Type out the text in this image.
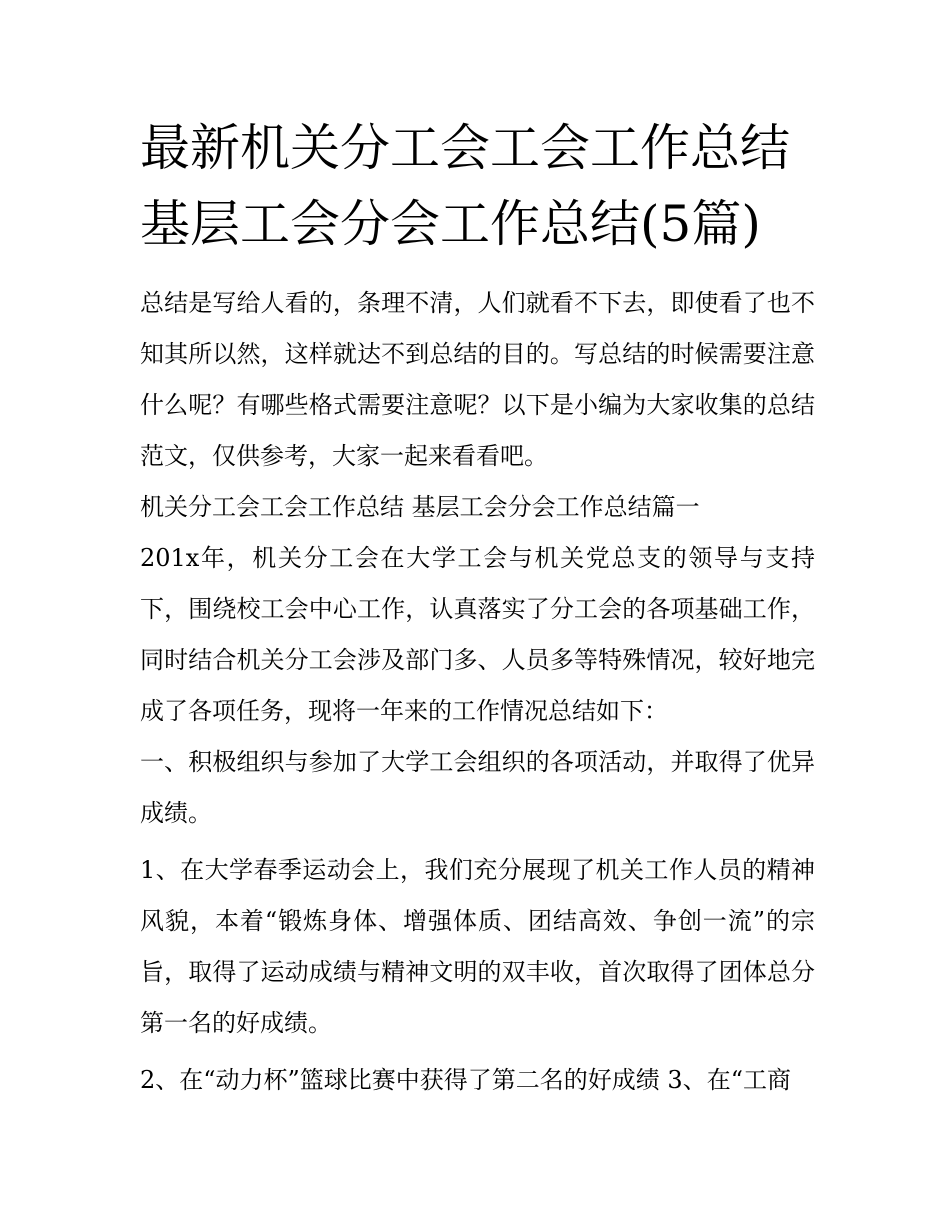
最新机关分工会工会工作总结
基层工会分会工作总结(5篇)

总结是写给人看的，条理不清，人们就看不下去，即使看了也不知其所以然，这样就达不到总结的目的。写总结的时候需要注意什么呢？有哪些格式需要注意呢？以下是小编为大家收集的总结范文，仅供参考，大家一起来看看吧。

机关分工会工会工作总结 基层工会分会工作总结篇一

201x年，机关分工会在大学工会与机关党总支的领导与支持下，围绕校工会中心工作，认真落实了分工会的各项基础工作，同时结合机关分工会涉及部门多、人员多等特殊情况，较好地完成了各项任务，现将一年来的工作情况总结如下：

一、积极组织与参加了大学工会组织的各项活动，并取得了优异成绩。

1、在大学春季运动会上，我们充分展现了机关工作人员的精神风貌，本着“锻炼身体、增强体质、团结高效、争创一流”的宗旨，取得了运动成绩与精神文明的双丰收，首次取得了团体总分第一名的好成绩。

2、在“动力杯”篮球比赛中获得了第二名的好成绩 3、在“工商
